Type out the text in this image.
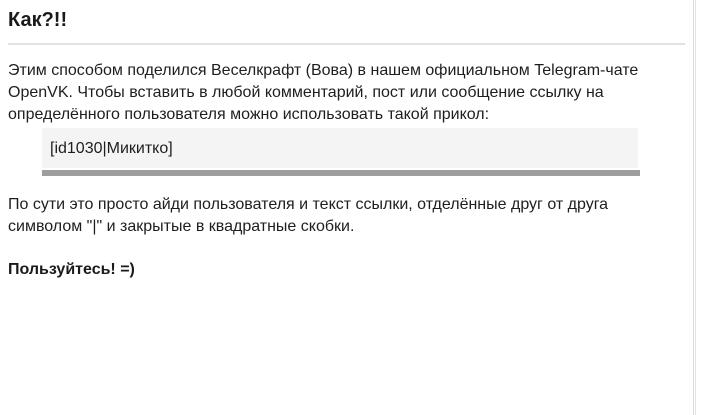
Как?!!
Этим способом поделился Веселкрафт (Вова) в нашем официальном Telegram-чате
OpenVK. Чтобы вставить в любой комментарий, пост или сообщение ссылку на
определённого пользователя можно использовать такой прикол:
[id1030|Микитко]
По сути это просто айди пользователя и текст ссылки, отделённые друг от друга
символом "|" и закрытые в квадратные скобки.
Пользуйтесь! =)
